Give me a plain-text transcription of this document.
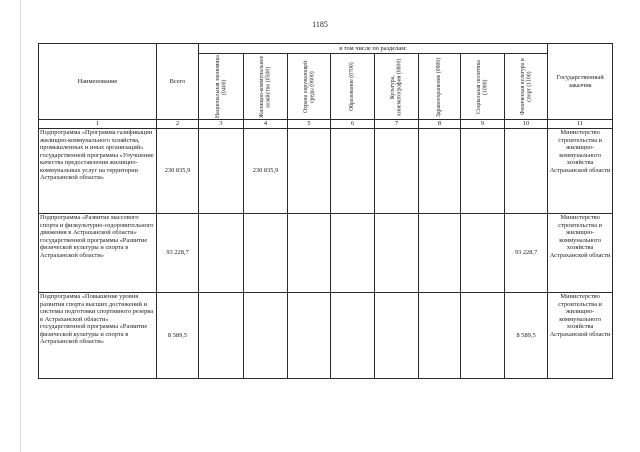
1185
Наименование	Всего	в том числе по разделам:								Государственный заказчик

		Национальная экономика (0400)	Жилищно-коммунальное хозяйство (0500)	Охрана окружающей среды (0600)	Образование (0700)	Культура, кинематография (0800)	Здравоохранение (0900)	Социальная политика (1000)	Физическая культура и спорт (1100)	

1	2	3	4	5	6	7	8	9	10	11
Подпрограмма «Программа газификации жилищно-коммунального хозяйства, промышленных и иных организаций» государственной программы «Улучшение качества предоставления жилищно-коммунальных услуг на территории Астраханской области»	230 835,9		230 835,9							Министерство строительства и жилищно-коммунального хозяйства Астраханской области
Подпрограмма «Развитие массового спорта и физкультурно-оздоровительного движения в Астраханской области» государственной программы «Развитие физической культуры и спорта в Астраханской области»	93 228,7								93 228,7	Министерство строительства и жилищно-коммунального хозяйства Астраханской области
Подпрограмма «Повышение уровня развития спорта высших достижений и системы подготовки спортивного резерва в Астраханской области» государственной программы «Развитие физической культуры и спорта в Астраханской области»	8 589,5								8 589,5	Министерство строительства и жилищно-коммунального хозяйства Астраханской области
